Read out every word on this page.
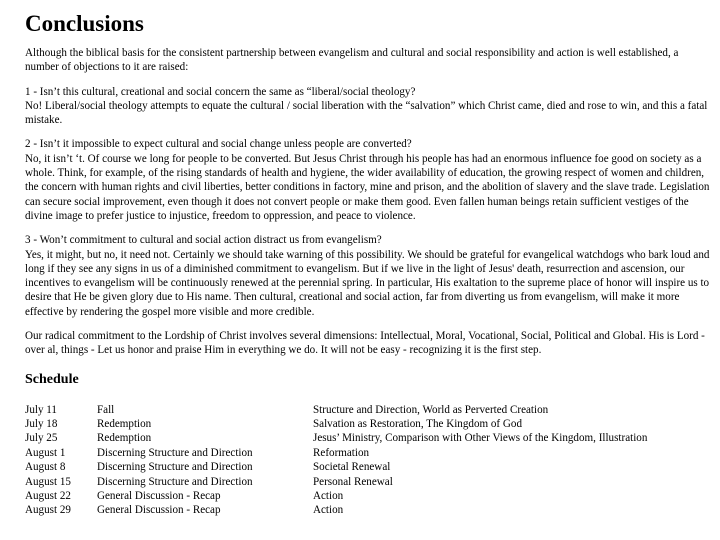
Conclusions

Although the biblical basis for the consistent partnership between evangelism and cultural and social responsibility and action is well established, a number of objections to it are raised:

1 - Isn’t this cultural, creational and social concern the same as “liberal/social theology?
No! Liberal/social theology attempts to equate the cultural / social liberation with the “salvation” which Christ came, died and rose to win, and this a fatal mistake.

2 - Isn’t it impossible to expect cultural and social change unless people are converted?
No, it isn’t ‘t. Of course we long for people to be converted. But Jesus Christ through his people has had an enormous influence foe good on society as a whole. Think, for example, of the rising standards of health and hygiene, the wider availability of education, the growing respect of women and children, the concern with human rights and civil liberties, better conditions in factory, mine and prison, and the abolition of slavery and the slave trade. Legislation can secure social improvement, even though it does not convert people or make them good. Even fallen human beings retain sufficient vestiges of the divine image to prefer justice to injustice, freedom to oppression, and peace to violence.

3 - Won’t commitment to cultural and social action distract us from evangelism?
Yes, it might, but no, it need not. Certainly we should take warning of this possibility. We should be grateful for evangelical watchdogs who bark loud and long if they see any signs in us of a diminished commitment to evangelism. But if we live in the light of Jesus' death, resurrection and ascension, our incentives to evangelism will be continuously renewed at the perennial spring. In particular, His exaltation to the supreme place of honor will inspire us to desire that He be given glory due to His name. Then cultural, creational and social action, far from diverting us from evangelism, will make it more effective by rendering the gospel more visible and more credible.

Our radical commitment to the Lordship of Christ involves several dimensions: Intellectual, Moral, Vocational, Social, Political and Global. His is Lord - over al, things - Let us honor and praise Him in everything we do. It will not be easy - recognizing it is the first step.

Schedule
July 11	Fall	Structure and Direction, World as Perverted Creation
July 18	Redemption	Salvation as Restoration, The Kingdom of God
July 25	Redemption	Jesus’ Ministry, Comparison with Other Views of the Kingdom, Illustration
August 1	Discerning Structure and Direction	Reformation
August 8	Discerning Structure and Direction	Societal Renewal
August 15	Discerning Structure and Direction	Personal Renewal
August 22	General Discussion - Recap	Action
August 29	General Discussion - Recap	Action
